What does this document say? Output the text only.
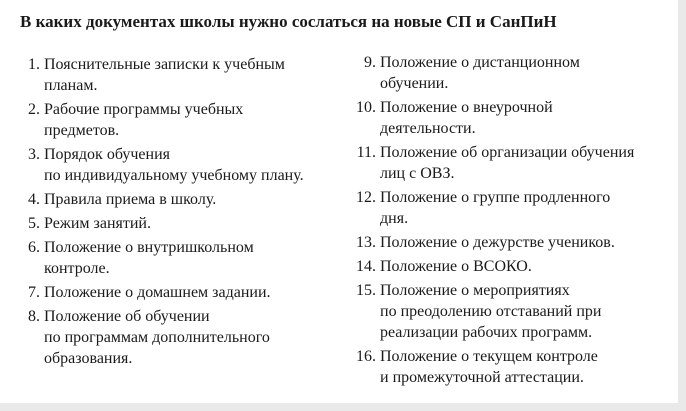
В каких документах школы нужно сослаться на новые СП и СанПиН
1. Пояснительные записки к учебным
планам.
2. Рабочие программы учебных
предметов.
3. Порядок обучения
по индивидуальному учебному плану.
4. Правила приема в школу.
5. Режим занятий.
6. Положение о внутришкольном
контроле.
7. Положение о домашнем задании.
8. Положение об обучении
по программам дополнительного
образования.
9. Положение о дистанционном
обучении.
10. Положение о внеурочной
деятельности.
11. Положение об организации обучения
лиц с ОВЗ.
12. Положение о группе продленного
дня.
13. Положение о дежурстве учеников.
14. Положение о ВСОКО.
15. Положение о мероприятиях
по преодолению отставаний при
реализации рабочих программ.
16. Положение о текущем контроле
и промежуточной аттестации.
